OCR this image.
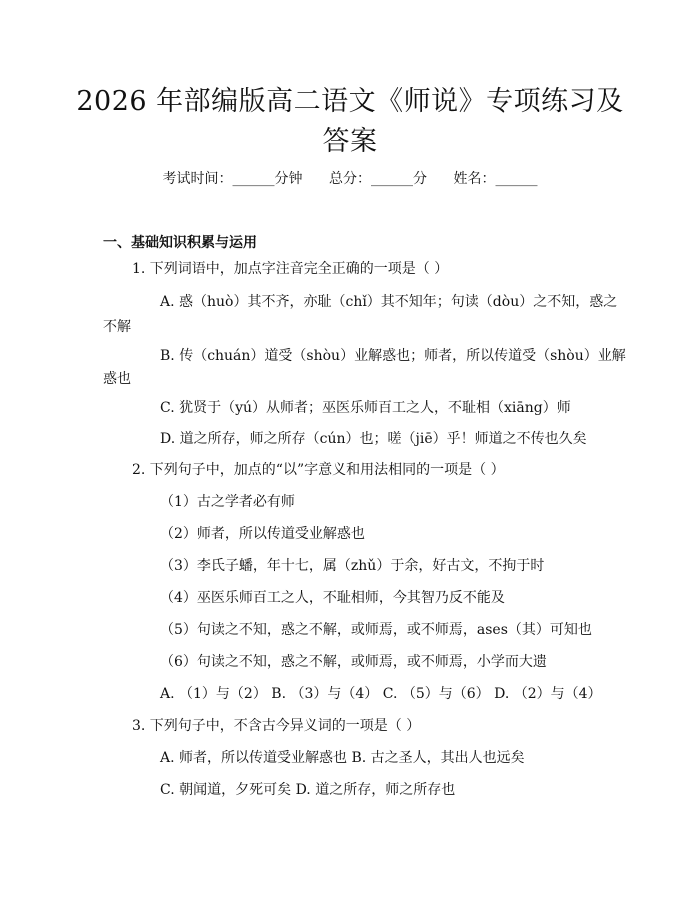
2026 年部编版高二语文《师说》专项练习及
答案
考试时间：______分钟 总分：______分 姓名：______
一、基础知识积累与运用
1. 下列词语中，加点字注音完全正确的一项是（ ）
A. 惑（huò）其不齐，亦耻（chǐ）其不知年；句读（dòu）之不知，惑之
不解
B. 传（chuán）道受（shòu）业解惑也；师者，所以传道受（shòu）业解
惑也
C. 犹贤于（yú）从师者；巫医乐师百工之人，不耻相（xiāng）师
D. 道之所存，师之所存（cún）也；嗟（jiē）乎！师道之不传也久矣
2. 下列句子中，加点的“以”字意义和用法相同的一项是（ ）
（1）古之学者必有师
（2）师者，所以传道受业解惑也
（3）李氏子蟠，年十七，属（zhǔ）于余，好古文，不拘于时
（4）巫医乐师百工之人，不耻相师，今其智乃反不能及
（5）句读之不知，惑之不解，或师焉，或不师焉，ases（其）可知也
（6）句读之不知，惑之不解，或师焉，或不师焉，小学而大遗
A. （1）与（2） B. （3）与（4） C. （5）与（6） D. （2）与（4）
3. 下列句子中，不含古今异义词的一项是（ ）
A. 师者，所以传道受业解惑也 B. 古之圣人，其出人也远矣
C. 朝闻道，夕死可矣 D. 道之所存，师之所存也
